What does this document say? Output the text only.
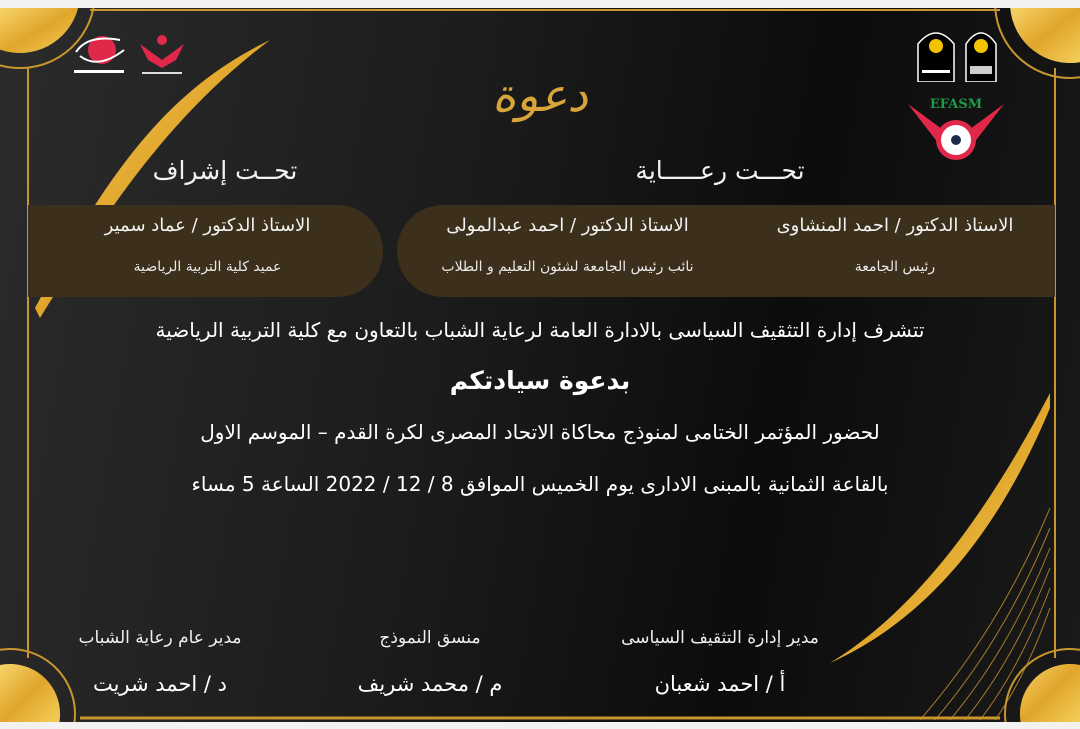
EFASM
دعوة
تحـــت رعـــــاية
تحــت إشراف
الاستاذ الدكتور / احمد المنشاوى
رئيس الجامعة
الاستاذ الدكتور / احمد عبدالمولى
نائب رئيس الجامعة لشئون التعليم و الطلاب
الاستاذ الدكتور / عماد سمير
عميد كلية التربية الرياضية
تتشرف إدارة التثقيف السياسى بالادارة العامة لرعاية الشباب بالتعاون مع كلية التربية الرياضية
بدعوة سيادتكم
لحضور المؤتمر الختامى لمنوذج محاكاة الاتحاد المصرى لكرة القدم – الموسم الاول
بالقاعة الثمانية بالمبنى الادارى يوم الخميس الموافق 8 / 12 / 2022 الساعة 5 مساء
مدير إدارة التثقيف السياسى
أ / احمد شعبان
منسق النموذج
م / محمد شريف
مدير عام رعاية الشباب
د / احمد شريت
